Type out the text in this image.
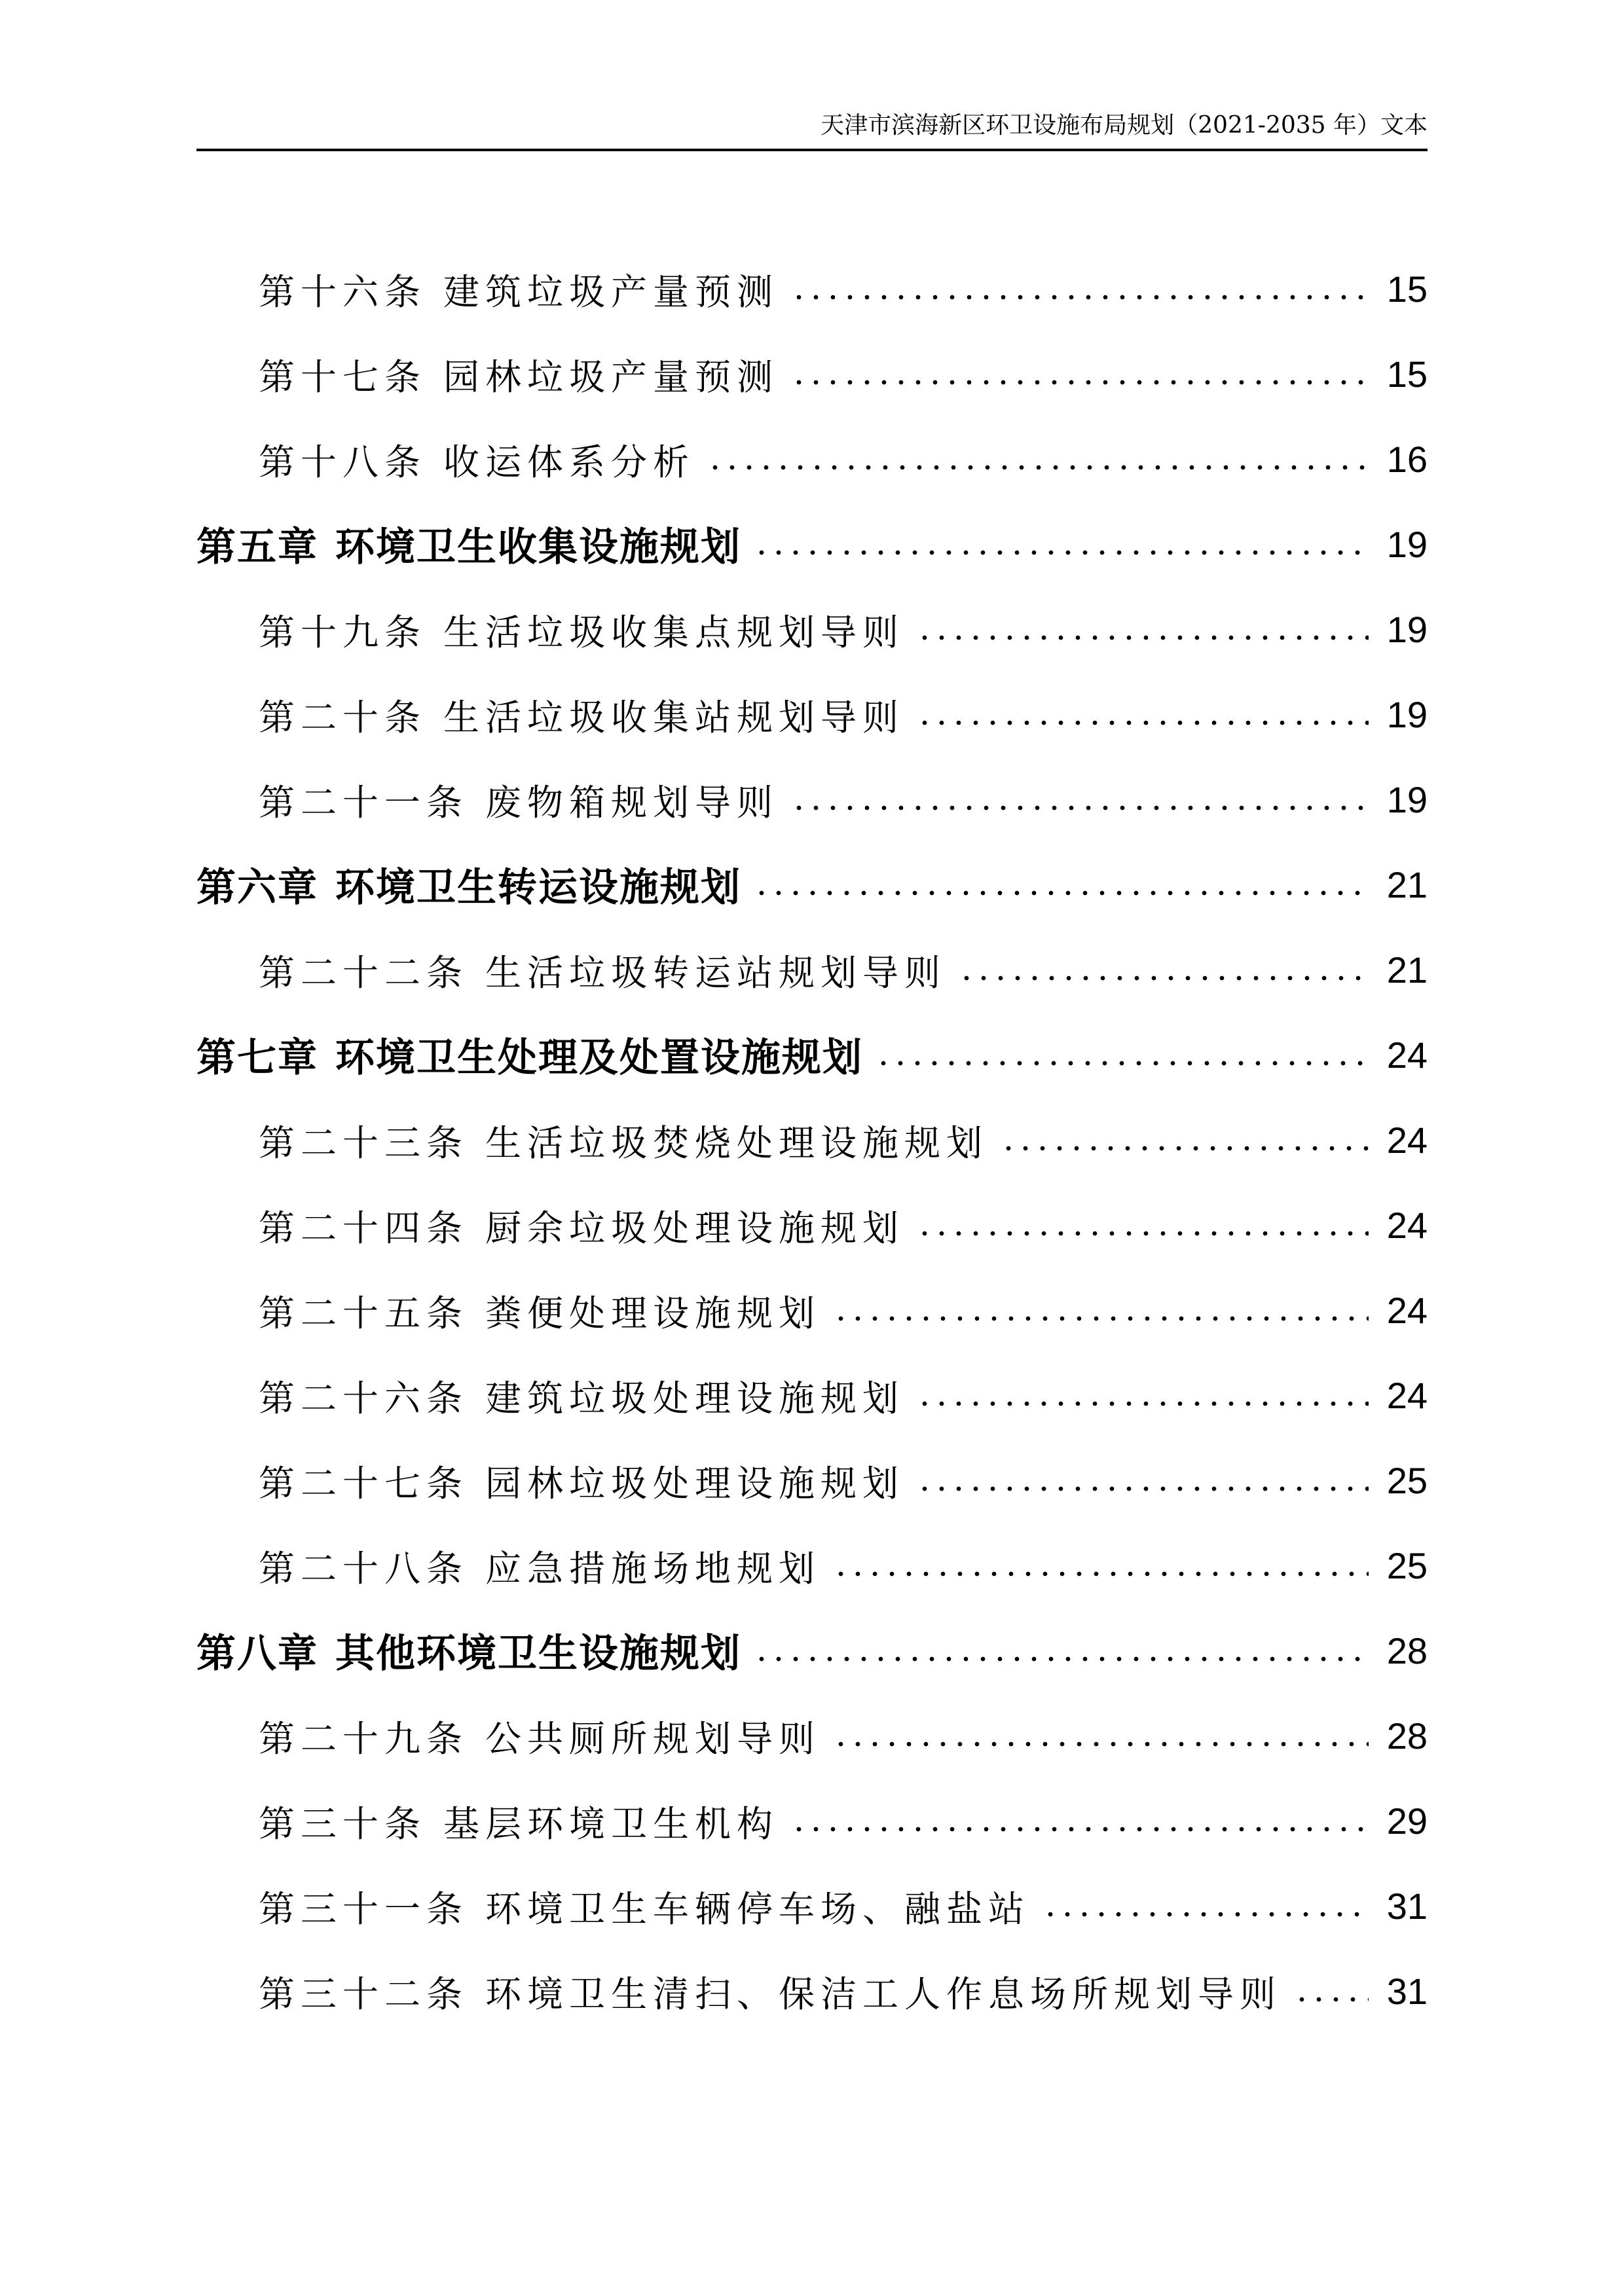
天津市滨海新区环卫设施布局规划（2021-2035 年）文本
第十六条 建筑垃圾产量预测	15
第十七条 园林垃圾产量预测	15
第十八条 收运体系分析	16
第五章 环境卫生收集设施规划	19
第十九条 生活垃圾收集点规划导则	19
第二十条 生活垃圾收集站规划导则	19
第二十一条 废物箱规划导则	19
第六章 环境卫生转运设施规划	21
第二十二条 生活垃圾转运站规划导则	21
第七章 环境卫生处理及处置设施规划	24
第二十三条 生活垃圾焚烧处理设施规划	24
第二十四条 厨余垃圾处理设施规划	24
第二十五条 粪便处理设施规划	24
第二十六条 建筑垃圾处理设施规划	24
第二十七条 园林垃圾处理设施规划	25
第二十八条 应急措施场地规划	25
第八章 其他环境卫生设施规划	28
第二十九条 公共厕所规划导则	28
第三十条 基层环境卫生机构	29
第三十一条 环境卫生车辆停车场、融盐站	31
第三十二条 环境卫生清扫、保洁工人作息场所规划导则	31
